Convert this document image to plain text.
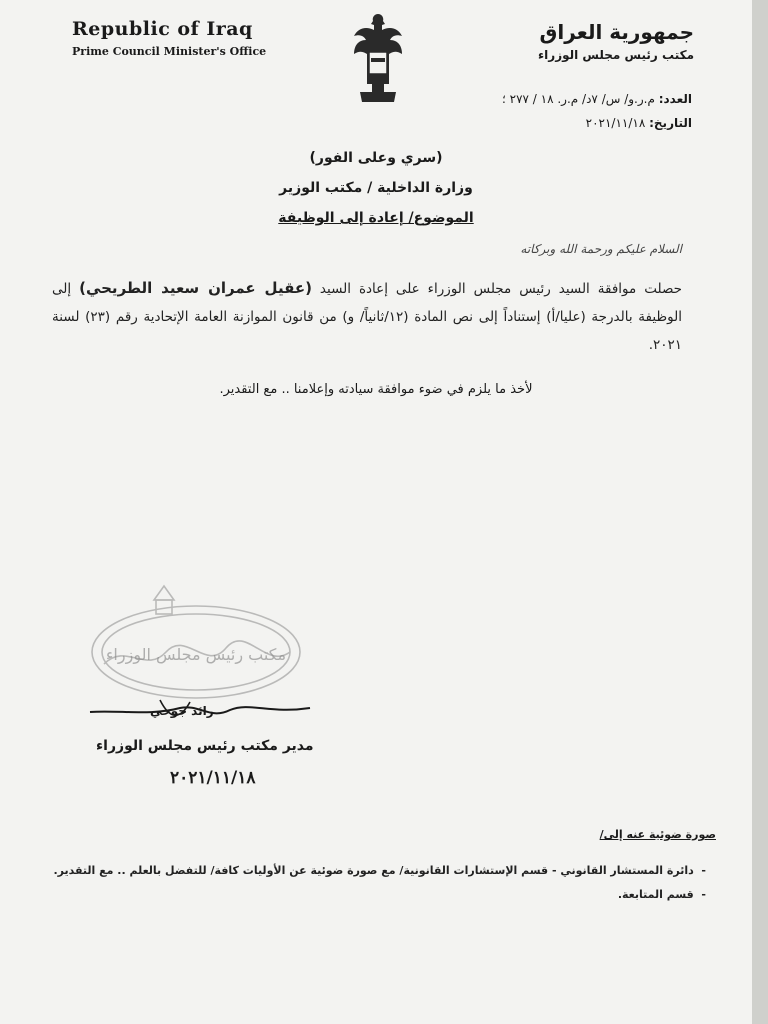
Republic of Iraq
Prime Council Minister's Office
جمهورية العراق
مكتب رئيس مجلس الوزراء
العدد: م.ر.و/ س/ ٧د/ م.ر. ١٨ / ٢٧٧ ؛
التاريخ: ٢٠٢١/١١/١٨
(سري وعلى الفور)
وزارة الداخلية / مكتب الوزير
الموضوع/ إعادة إلى الوظيفة
السلام عليكم ورحمة الله وبركاته
حصلت موافقة السيد رئيس مجلس الوزراء على إعادة السيد (عقيل عمران سعيد الطريحي) إلى الوظيفة بالدرجة (عليا/أ) إستناداً إلى نص المادة (١٢/ثانياً/ و) من قانون الموازنة العامة الإتحادية رقم (٢٣) لسنة ٢٠٢١.
لأخذ ما يلزم في ضوء موافقة سيادته وإعلامنا .. مع التقدير.
مكتب رئيس مجلس الوزراء
رائد جوحي
مدير مكتب رئيس مجلس الوزراء
٢٠٢١/١١/١٨
صورة ضوئية عنه إلى/
-  دائرة المستشار القانوني - قسم الإستشارات القانونية/ مع صورة ضوئية عن الأوليات كافة/ للتفضل بالعلم .. مع التقدير.
-  قسم المتابعة.
